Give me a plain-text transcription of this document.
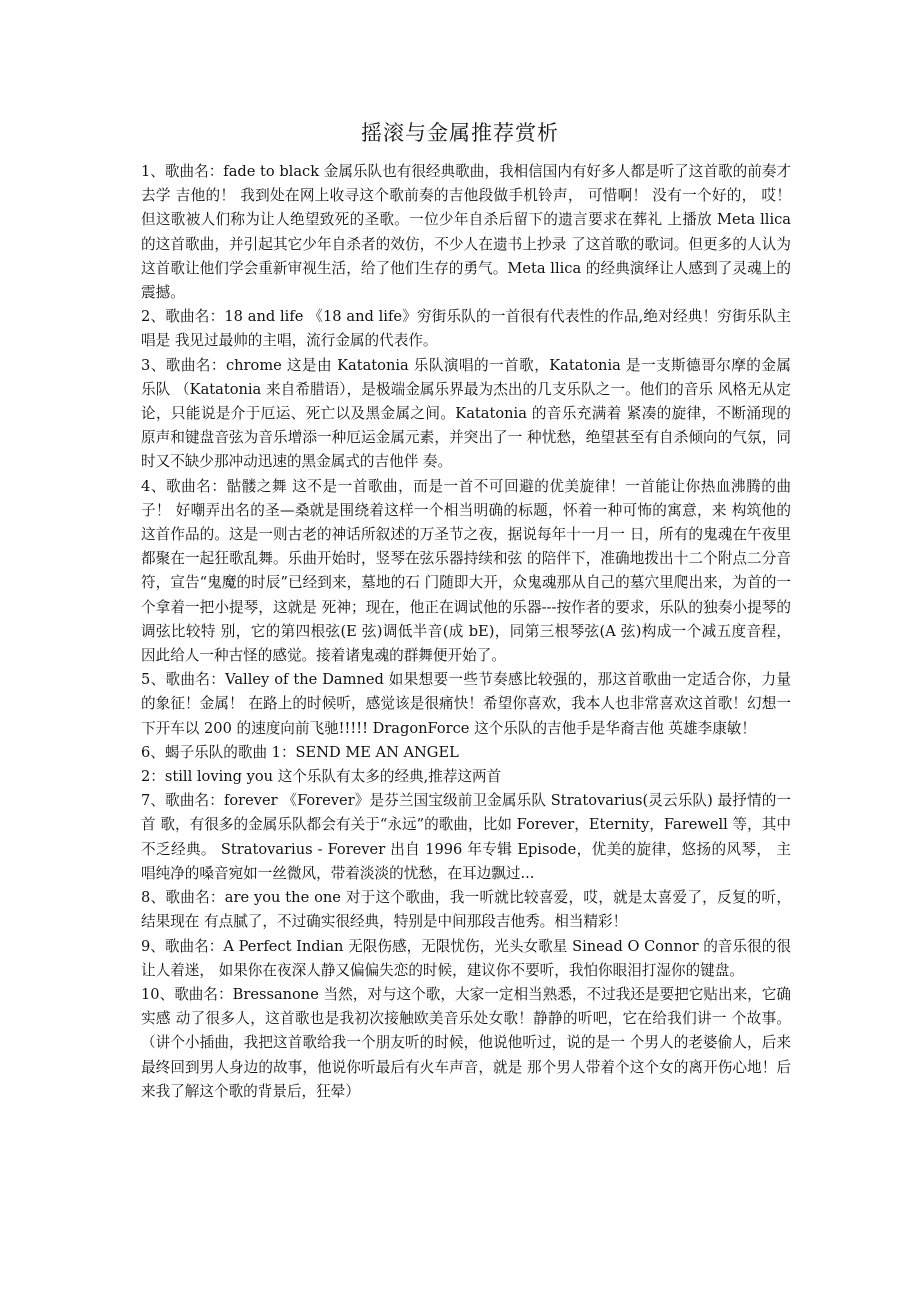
摇滚与金属推荐赏析

1、歌曲名：fade to black 金属乐队也有很经典歌曲，我相信国内有好多人都是听了这首歌的前奏才去学 吉他的！ 我到处在网上收寻这个歌前奏的吉他段做手机铃声， 可惜啊！ 没有一个好的， 哎！但这歌被人们称为让人绝望致死的圣歌。一位少年自杀后留下的遗言要求在葬礼 上播放 Meta llica 的这首歌曲，并引起其它少年自杀者的效仿，不少人在遗书上抄录 了这首歌的歌词。但更多的人认为这首歌让他们学会重新审视生活，给了他们生存的勇气。Meta llica 的经典演绎让人感到了灵魂上的震撼。

2、歌曲名：18 and life 《18 and life》穷街乐队的一首很有代表性的作品,绝对经典！穷街乐队主唱是 我见过最帅的主唱，流行金属的代表作。

3、歌曲名：chrome 这是由 Katatonia 乐队演唱的一首歌，Katatonia 是一支斯德哥尔摩的金属乐队 （Katatonia 来自希腊语），是极端金属乐界最为杰出的几支乐队之一。他们的音乐 风格无从定论，只能说是介于厄运、死亡以及黑金属之间。Katatonia 的音乐充满着 紧凑的旋律，不断涌现的原声和键盘音弦为音乐增添一种厄运金属元素，并突出了一 种忧愁，绝望甚至有自杀倾向的气氛，同时又不缺少那冲动迅速的黑金属式的吉他伴 奏。

4、歌曲名：骷髅之舞 这不是一首歌曲，而是一首不可回避的优美旋律！一首能让你热血沸腾的曲子！ 好嘲弄出名的圣—桑就是围绕着这样一个相当明确的标题，怀着一种可怖的寓意，来 构筑他的这首作品的。这是一则古老的神话所叙述的万圣节之夜，据说每年十一月一 日，所有的鬼魂在午夜里都聚在一起狂歌乱舞。乐曲开始时，竖琴在弦乐器持续和弦 的陪伴下，准确地拨出十二个附点二分音符，宣告“鬼魔的时辰”已经到来，墓地的石 门随即大开，众鬼魂那从自己的墓穴里爬出来，为首的一个拿着一把小提琴，这就是 死神；现在，他正在调试他的乐器---按作者的要求，乐队的独奏小提琴的调弦比较特 别，它的第四根弦(E 弦)调低半音(成 bE)，同第三根琴弦(A 弦)构成一个减五度音程， 因此给人一种古怪的感觉。接着诸鬼魂的群舞便开始了。

5、歌曲名：Valley of the Damned 如果想要一些节奏感比较强的，那这首歌曲一定适合你，力量的象征！金属！ 在路上的时候听，感觉该是很痛快！希望你喜欢，我本人也非常喜欢这首歌！幻想一 下开车以 200 的速度向前飞驰!!!!! DragonForce 这个乐队的吉他手是华裔吉他 英雄李康敏！

6、蝎子乐队的歌曲 1：SEND ME AN ANGEL

2：still loving you 这个乐队有太多的经典,推荐这两首

7、歌曲名：forever 《Forever》是芬兰国宝级前卫金属乐队 Stratovarius(灵云乐队) 最抒情的一首 歌，有很多的金属乐队都会有关于“永远”的歌曲，比如 Forever，Eternity，Farewell 等，其中不乏经典。 Stratovarius - Forever 出自 1996 年专辑 Episode，优美的旋律，悠扬的风琴， 主唱纯净的嗓音宛如一丝微风，带着淡淡的忧愁，在耳边飘过...

8、歌曲名：are you the one 对于这个歌曲，我一听就比较喜爱，哎，就是太喜爱了，反复的听，结果现在 有点腻了，不过确实很经典，特别是中间那段吉他秀。相当精彩！

9、歌曲名：A Perfect Indian 无限伤感，无限忧伤，光头女歌星 Sinead O Connor 的音乐很的很让人着迷， 如果你在夜深人静又偏偏失恋的时候，建议你不要听，我怕你眼泪打湿你的键盘。

10、歌曲名：Bressanone 当然，对与这个歌，大家一定相当熟悉，不过我还是要把它贴出来，它确实感 动了很多人，这首歌也是我初次接触欧美音乐处女歌！静静的听吧，它在给我们讲一 个故事。（讲个小插曲，我把这首歌给我一个朋友听的时候，他说他听过，说的是一 个男人的老婆偷人，后来最终回到男人身边的故事，他说你听最后有火车声音，就是 那个男人带着个这个女的离开伤心地！后来我了解这个歌的背景后，狂晕）
